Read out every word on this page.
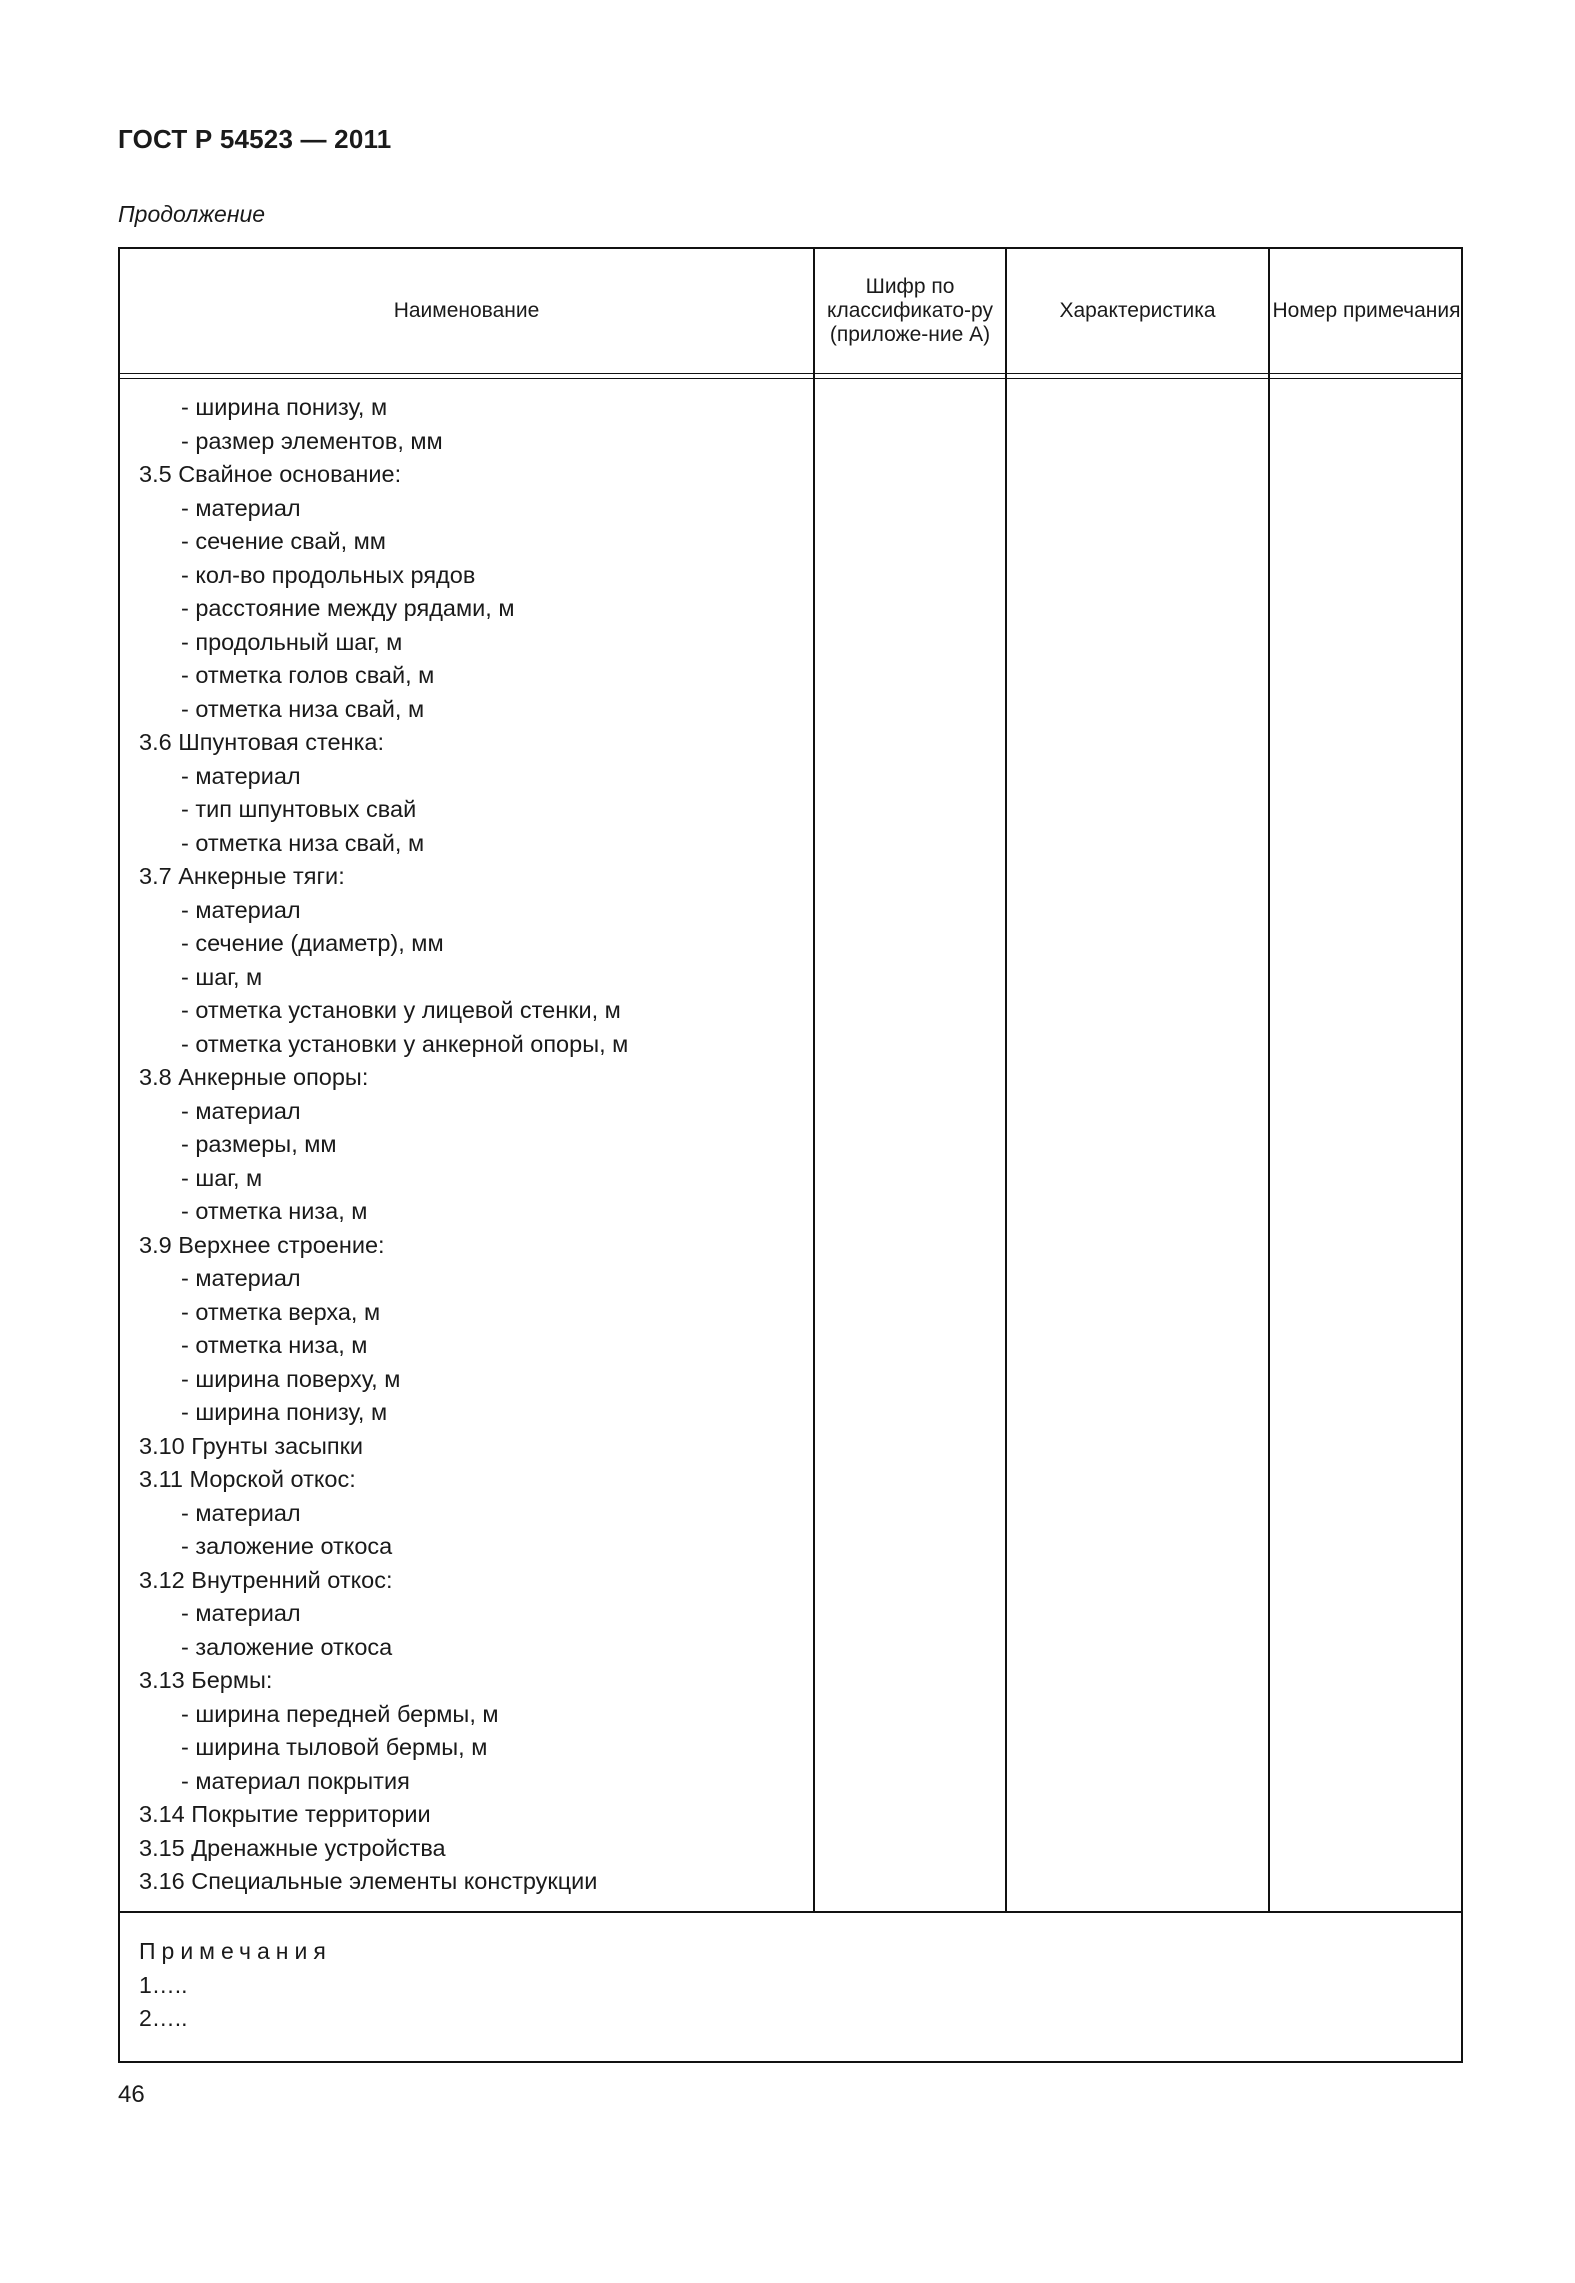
ГОСТ Р 54523 — 2011
Продолжение
Наименование
Шифр по классификато-ру (приложе-ние А)
Характеристика	Номер примечания
- ширина понизу, м
- размер элементов, мм
3.5 Свайное основание:
- материал
- сечение свай, мм
- кол-во продольных рядов
- расстояние между рядами, м
- продольный шаг, м
- отметка голов свай, м
- отметка низа свай, м
3.6 Шпунтовая стенка:
- материал
- тип шпунтовых свай
- отметка низа свай, м
3.7 Анкерные тяги:
- материал
- сечение (диаметр), мм
- шаг, м
- отметка установки у лицевой стенки, м
- отметка установки у анкерной опоры, м
3.8 Анкерные опоры:
- материал
- размеры, мм
- шаг, м
- отметка низа, м
3.9 Верхнее строение:
- материал
- отметка верха, м
- отметка низа, м
- ширина поверху, м
- ширина понизу, м
3.10 Грунты засыпки
3.11 Морской откос:
- материал
- заложение откоса
3.12 Внутренний откос:
- материал
- заложение откоса
3.13 Бермы:
- ширина передней бермы, м
- ширина тыловой бермы, м
- материал покрытия
3.14 Покрытие территории
3.15 Дренажные устройства
3.16 Специальные элементы конструкции
Примечания
1…..
2…..
46
